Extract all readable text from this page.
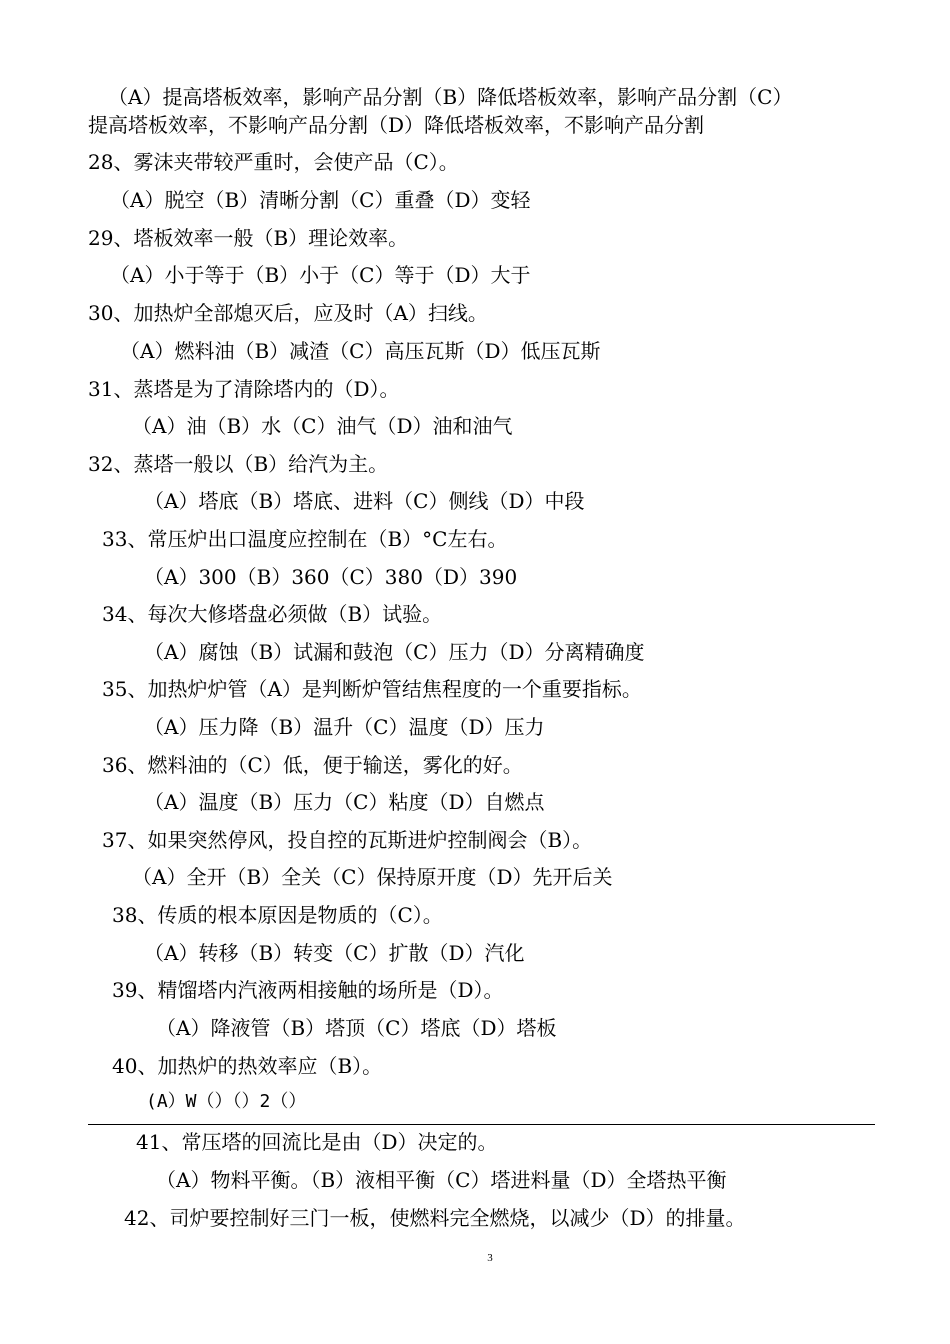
（A）提高塔板效率，影响产品分割（B）降低塔板效率，影响产品分割（C）
提高塔板效率，不影响产品分割（D）降低塔板效率，不影响产品分割
28、雾沫夹带较严重时，会使产品（C）。
（A）脱空（B）清晰分割（C）重叠（D）变轻
29、塔板效率一般（B）理论效率。
（A）小于等于（B）小于（C）等于（D）大于
30、加热炉全部熄灭后，应及时（A）扫线。
（A）燃料油（B）减渣（C）高压瓦斯（D）低压瓦斯
31、蒸塔是为了清除塔内的（D）。
（A）油（B）水（C）油气（D）油和油气
32、蒸塔一般以（B）给汽为主。
（A）塔底（B）塔底、进料（C）侧线（D）中段
33、常压炉出口温度应控制在（B）°C左右。
（A）300（B）360（C）380（D）390
34、每次大修塔盘必须做（B）试验。
（A）腐蚀（B）试漏和鼓泡（C）压力（D）分离精确度
35、加热炉炉管（A）是判断炉管结焦程度的一个重要指标。
（A）压力降（B）温升（C）温度（D）压力
36、燃料油的（C）低，便于输送，雾化的好。
（A）温度（B）压力（C）粘度（D）自燃点
37、如果突然停风，投自控的瓦斯进炉控制阀会（B）。
（A）全开（B）全关（C）保持原开度（D）先开后关
38、传质的根本原因是物质的（C）。
（A）转移（B）转变（C）扩散（D）汽化
39、精馏塔内汽液两相接触的场所是（D）。
（A）降液管（B）塔顶（C）塔底（D）塔板
40、加热炉的热效率应（B）。
(A）W（）（）2（）
41、常压塔的回流比是由（D）决定的。
（A）物料平衡。（B）液相平衡（C）塔进料量（D）全塔热平衡
42、司炉要控制好三门一板，使燃料完全燃烧，以减少（D）的排量。
3
